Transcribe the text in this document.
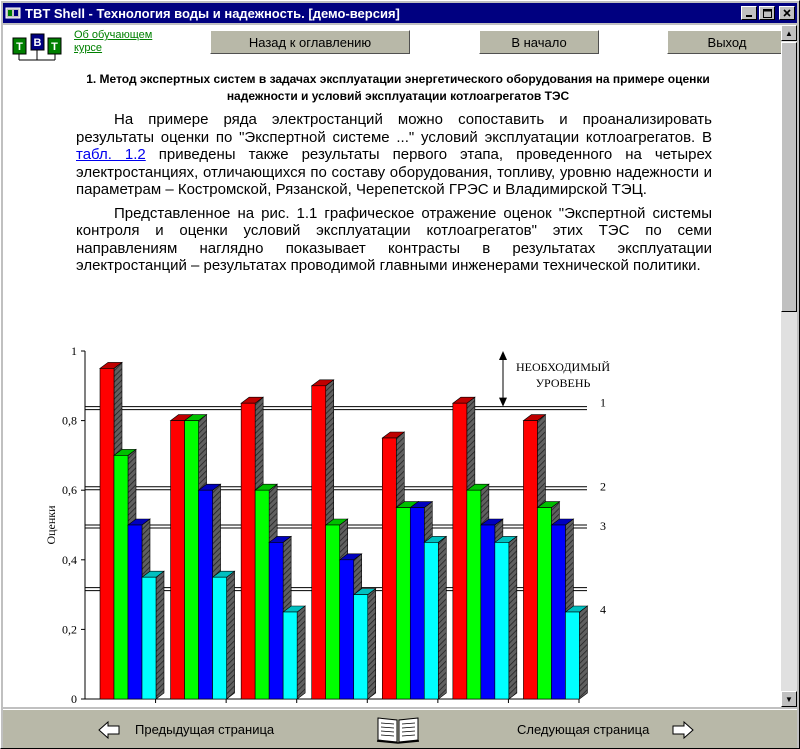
TBT Shell - Технология воды и надежность. [демо-версия]
T B T
Об обучающем курсе	Назад к оглавлению	В начало	Выход
1. Метод экспертных систем в задачах эксплуатации энергетического оборудования на примере оценки надежности и условий эксплуатации котлоагрегатов ТЭС

На примере ряда электростанций можно сопоставить и проанализировать результаты оценки по "Экспертной системе ..." условий эксплуатации котлоагрегатов. В табл. 1.2 приведены также результаты первого этапа, проведенного на четырех электростанциях, отличающихся по составу оборудования, топливу, уровню надежности и параметрам – Костромской, Рязанской, Черепетской ГРЭС и Владимирской ТЭЦ.

Представленное на рис. 1.1 графическое отражение оценок "Экспертной системы контроля и оценки условий эксплуатации котлоагрегатов" этих ТЭС по семи направлениям наглядно показывает контрасты в результатах эксплуатации электростанций – результатах проводимой главными инженерами технической политики.

0
0,2
0,4
0,6
0,8
1
Оценки
1
2
3
4
НЕОБХОДИМЫЙ
УРОВЕНЬ
▲
▼
Предыдущая страница	Следующая страница
